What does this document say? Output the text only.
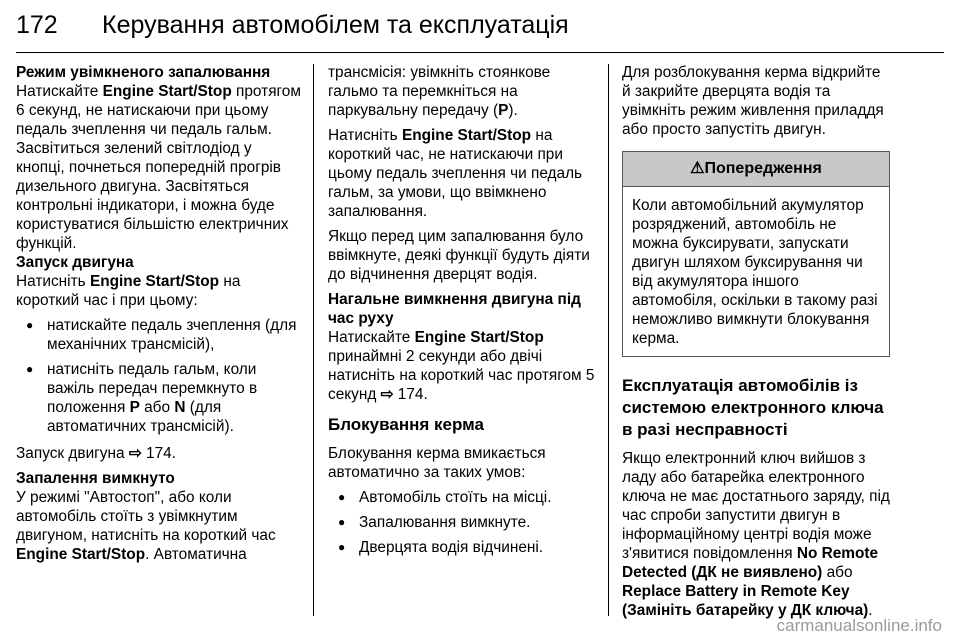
172 Керування автомобілем та експлуатація

Режим увімкненого запалювання
Натискайте Engine Start/Stop протягом 6 секунд, не натискаючи при цьому педаль зчеплення чи педаль гальм. Засвітиться зелений світлодіод у кнопці, почнеться попередній прогрів дизельного двигуна. Засвітяться контрольні індикатори, і можна буде користуватися більшістю електричних функцій.

Запуск двигуна
Натисніть Engine Start/Stop на короткий час і при цьому:

● натискайте педаль зчеплення (для механічних трансмісій),
● натисніть педаль гальм, коли важіль передач перемкнуто в положення P або N (для автоматичних трансмісій).

Запуск двигуна ⇨ 174.

Запалення вимкнуто
У режимі "Автостоп", або коли автомобіль стоїть з увімкнутим двигуном, натисніть на короткий час Engine Start/Stop. Автоматична

трансмісія: увімкніть стоянкове гальмо та перемкніться на паркувальну передачу (P).

Натисніть Engine Start/Stop на короткий час, не натискаючи при цьому педаль зчеплення чи педаль гальм, за умови, що ввімкнено запалювання.

Якщо перед цим запалювання було ввімкнуте, деякі функції будуть діяти до відчинення дверцят водія.

Нагальне вимкнення двигуна під час руху
Натискайте Engine Start/Stop принаймні 2 секунди або двічі натисніть на короткий час протягом 5 секунд ⇨ 174.

Блокування керма

Блокування керма вмикається автоматично за таких умов:

● Автомобіль стоїть на місці.
● Запалювання вимкнуте.
● Дверцята водія відчинені.

Для розблокування керма відкрийте й закрийте дверцята водія та увімкніть режим живлення приладдя або просто запустіть двигун.

⚠Попередження
Коли автомобільний акумулятор розряджений, автомобіль не можна буксирувати, запускати двигун шляхом буксирування чи від акумулятора іншого автомобіля, оскільки в такому разі неможливо вимкнути блокування керма.
Експлуатація автомобілів із системою електронного ключа в разі несправності

Якщо електронний ключ вийшов з ладу або батарейка електронного ключа не має достатнього заряду, під час спроби запустити двигун в інформаційному центрі водія може з'явитися повідомлення No Remote Detected (ДК не виявлено) або Replace Battery in Remote Key (Замініть батарейку у ДК ключа).

carmanualsonline.info
